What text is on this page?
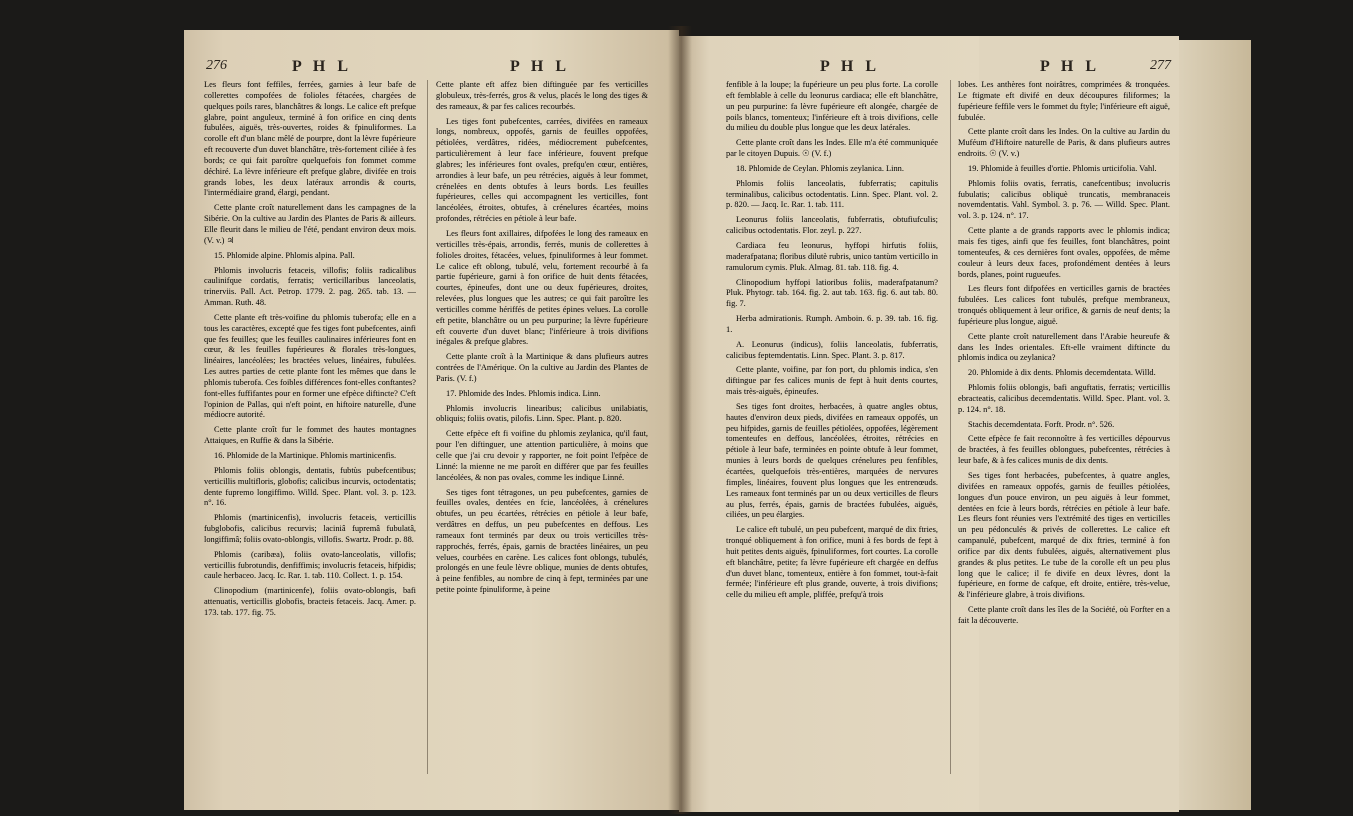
276	P H L	P H L	P H L	P H L	277

Les fleurs font feffiles, ferrées, garnies à leur bafe de collerettes compofées de folioles fétacées, chargées de quelques poils rares, blanchâtres & longs. Le calice eft prefque glabre, point anguleux, terminé à fon orifice en cinq dents fubulées, aiguës, très-ouvertes, roides & fpinuliformes. La corolle eft d'un blanc mêlé de pourpre, dont la lèvre fupérieure eft recouverte d'un duvet blanchâtre, très-fortement ciliée à fes bords; ce qui fait paroître quelquefois fon fommet comme déchiré. La lèvre inférieure eft prefque glabre, divifée en trois grands lobes, les deux latéraux arrondis & courts, l'intermédiaire grand, élargi, pendant.

Cette plante croît naturellement dans les campagnes de la Sibérie. On la cultive au Jardin des Plantes de Paris & ailleurs. Elle fleurit dans le milieu de l'été, pendant environ deux mois. (V. v.) ♃

15. Phlomide alpine. Phlomis alpina. Pall.

Phlomis involucris fetaceis, villofis; foliis radicalibus caulinifque cordatis, ferratis; verticillaribus lanceolatis, trinerviis. Pall. Act. Petrop. 1779. 2. pag. 265. tab. 13. — Amman. Ruth. 48.

Cette plante eft très-voifine du phlomis tuberofa; elle en a tous les caractères, excepté que fes tiges font pubefcentes, ainfi que fes feuilles; que les feuilles caulinaires inférieures font en cœur, & les feuilles fupérieures & florales très-longues, linéaires, lancéolées; les bractées velues, linéaires, fubulées. Les autres parties de cette plante font les mêmes que dans le phlomis tuberofa. Ces foibles différences font-elles conftantes? font-elles fuffifantes pour en former une efpèce diftincte? C'eft l'opinion de Pallas, qui n'eft point, en hiftoire naturelle, d'une médiocre autorité.

Cette plante croît fur le fommet des hautes montagnes Attaiques, en Ruffie & dans la Sibérie.

16. Phlomide de la Martinique. Phlomis martinicenfis.

Phlomis foliis oblongis, dentatis, fubtùs pubefcentibus; verticillis multifloris, globofis; calicibus incurvis, octodentatis; dente fupremo longiffimo. Willd. Spec. Plant. vol. 3. p. 123. n°. 16.

Phlomis (martinicenfis), involucris fetaceis, verticillis fubglobofis, calicibus recurvis; laciniâ fupremâ fubulatâ, longiffimâ; foliis ovato-oblongis, villofis. Swartz. Prodr. p. 88.

Phlomis (caribæa), foliis ovato-lanceolatis, villofis; verticillis fubrotundis, denfiffimis; involucris fetaceis, hifpidis; caule herbaceo. Jacq. Ic. Rar. 1. tab. 110. Collect. 1. p. 154.

Clinopodium (martinicenfe), foliis ovato-oblongis, bafi attenuatis, verticillis globofis, bracteis fetaceis. Jacq. Amer. p. 173. tab. 177. fig. 75.

Cette plante eft affez bien diftinguée par fes verticilles globuleux, très-ferrés, gros & velus, placés le long des tiges & des rameaux, & par fes calices recourbés.

Les tiges font pubefcentes, carrées, divifées en rameaux longs, nombreux, oppofés, garnis de feuilles oppofées, pétiolées, verdâtres, ridées, médiocrement pubefcentes, particulièrement à leur face inférieure, fouvent prefque glabres; les inférieures font ovales, prefqu'en cœur, entières, arrondies à leur bafe, un peu rétrécies, aiguës à leur fommet, crénelées en dents obtufes à leurs bords. Les feuilles fupérieures, celles qui accompagnent les verticilles, font lancéolées, étroites, obtufes, à crénelures écartées, moins profondes, rétrécies en pétiole à leur bafe.

Les fleurs font axillaires, difpofées le long des rameaux en verticilles très-épais, arrondis, ferrés, munis de collerettes à folioles droites, fétacées, velues, fpinuliformes à leur fommet. Le calice eft oblong, tubulé, velu, fortement recourbé à fa partie fupérieure, garni à fon orifice de huit dents fétacées, courtes, épineufes, dont une ou deux fupérieures, droites, relevées, plus longues que les autres; ce qui fait paroître les verticilles comme hériffés de petites épines velues. La corolle eft petite, blanchâtre ou un peu purpurine; la lèvre fupérieure eft couverte d'un duvet blanc; l'inférieure à trois divifions inégales & prefque glabres.

Cette plante croît à la Martinique & dans plufieurs autres contrées de l'Amérique. On la cultive au Jardin des Plantes de Paris. (V. f.)

17. Phlomide des Indes. Phlomis indica. Linn.

Phlomis involucris linearibus; calicibus unilabiatis, obliquis; foliis ovatis, pilofis. Linn. Spec. Plant. p. 820.

Cette efpèce eft fi voifine du phlomis zeylanica, qu'il faut, pour l'en diftinguer, une attention particulière, à moins que celle que j'ai cru devoir y rapporter, ne foit point l'efpèce de Linné: la mienne ne me paroît en différer que par fes feuilles lancéolées, & non pas ovales, comme les indique Linné.

Ses tiges font tétragones, un peu pubefcentes, garnies de feuilles ovales, dentées en fcie, lancéolées, à crénelures obtufes, un peu écartées, rétrécies en pétiole à leur bafe, verdâtres en deffus, un peu pubefcentes en deffous. Les rameaux font terminés par deux ou trois verticilles très-rapprochés, ferrés, épais, garnis de bractées linéaires, un peu velues, courbées en carène. Les calices font oblongs, tubulés, prolongés en une feule lèvre oblique, munies de dents obtufes, à peine fenfibles, au nombre de cinq à fept, terminées par une petite pointe fpinuliforme, à peine

fenfible à la loupe; la fupérieure un peu plus forte. La corolle eft femblable à celle du leonurus cardiaca; elle eft blanchâtre, un peu purpurine: fa lèvre fupérieure eft alongée, chargée de poils blancs, tomenteux; l'inférieure eft à trois divifions, celle du milieu du double plus longue que les deux latérales.

Cette plante croît dans les Indes. Elle m'a été communiquée par le citoyen Dupuis. ☉ (V. f.)

18. Phlomide de Ceylan. Phlomis zeylanica. Linn.

Phlomis foliis lanceolatis, fubferratis; capitulis terminalibus, calicibus octodentatis. Linn. Spec. Plant. vol. 2. p. 820. — Jacq. Ic. Rar. 1. tab. 111.

Leonurus foliis lanceolatis, fubferratis, obtufiufculis; calicibus octodentatis. Flor. zeyl. p. 227.

Cardiaca feu leonurus, hyffopi hirfutis foliis, maderafpatana; floribus dilutè rubris, unico tantùm verticillo in ramulorum cymis. Pluk. Almag. 81. tab. 118. fig. 4.

Clinopodium hyffopi latioribus foliis, maderafpatanum? Pluk. Phytogr. tab. 164. fig. 2. aut tab. 163. fig. 6. aut tab. 80. fig. 7.

Herba admirationis. Rumph. Amboin. 6. p. 39. tab. 16. fig. 1.

A. Leonurus (indicus), foliis lanceolatis, fubferratis, calicibus feptemdentatis. Linn. Spec. Plant. 3. p. 817.

Cette plante, voifine, par fon port, du phlomis indica, s'en diftingue par fes calices munis de fept à huit dents courtes, mais très-aiguës, épineufes.

Ses tiges font droites, herbacées, à quatre angles obtus, hautes d'environ deux pieds, divifées en rameaux oppofés, un peu hifpides, garnis de feuilles pétiolées, oppofées, légèrement tomenteufes en deffous, lancéolées, étroites, rétrécies en pétiole à leur bafe, terminées en pointe obtufe à leur fommet, munies à leurs bords de quelques crénelures peu fenfibles, écartées, quelquefois très-entières, marquées de nervures fimples, linéaires, fouvent plus longues que les entrenœuds. Les rameaux font terminés par un ou deux verticilles de fleurs au plus, ferrés, épais, garnis de bractées fubulées, aiguës, ciliées, un peu élargies.

Le calice eft tubulé, un peu pubefcent, marqué de dix ftries, tronqué obliquement à fon orifice, muni à fes bords de fept à huit petites dents aiguës, fpinuliformes, fort courtes. La corolle eft blanchâtre, petite; fa lèvre fupérieure eft chargée en deffus d'un duvet blanc, tomenteux, entière à fon fommet, tout-à-fait fermée; l'inférieure eft plus grande, ouverte, à trois divifions; celle du milieu eft ample, pliffée, prefqu'à trois

lobes. Les anthères font noirâtres, comprimées & tronquées. Le ftigmate eft divifé en deux découpures filiformes; la fupérieure feffile vers le fommet du ftyle; l'inférieure eft aiguë, fubulée.

Cette plante croît dans les Indes. On la cultive au Jardin du Muféum d'Hiftoire naturelle de Paris, & dans plufieurs autres endroits. ☉ (V. v.)

19. Phlomide à feuilles d'ortie. Phlomis urticifolia. Vahl.

Phlomis foliis ovatis, ferratis, canefcentibus; involucris fubulatis; calicibus obliquè truncatis, membranaceis novemdentatis. Vahl. Symbol. 3. p. 76. — Willd. Spec. Plant. vol. 3. p. 124. n°. 17.

Cette plante a de grands rapports avec le phlomis indica; mais fes tiges, ainfi que fes feuilles, font blanchâtres, point tomenteufes, & ces dernières font ovales, oppofées, de même couleur à leurs deux faces, profondément dentées à leurs bords, planes, point rugueufes.

Les fleurs font difpofées en verticilles garnis de bractées fubulées. Les calices font tubulés, prefque membraneux, tronqués obliquement à leur orifice, & garnis de neuf dents; la fupérieure plus longue, aiguë.

Cette plante croît naturellement dans l'Arabie heureufe & dans les Indes orientales. Eft-elle vraiment diftincte du phlomis indica ou zeylanica?

20. Phlomide à dix dents. Phlomis decemdentata. Willd.

Phlomis foliis oblongis, bafi anguftatis, ferratis; verticillis ebracteatis, calicibus decemdentatis. Willd. Spec. Plant. vol. 3. p. 124. n°. 18.

Stachis decemdentata. Forft. Prodr. n°. 526.

Cette efpèce fe fait reconnoître à fes verticilles dépourvus de bractées, à fes feuilles oblongues, pubefcentes, rétrécies à leur bafe, & à fes calices munis de dix dents.

Ses tiges font herbacées, pubefcentes, à quatre angles, divifées en rameaux oppofés, garnis de feuilles pétiolées, longues d'un pouce environ, un peu aiguës à leur fommet, dentées en fcie à leurs bords, rétrécies en pétiole à leur bafe. Les fleurs font réunies vers l'extrémité des tiges en verticilles un peu pédonculés & privés de collerettes. Le calice eft campanulé, pubefcent, marqué de dix ftries, terminé à fon orifice par dix dents fubulées, aiguës, alternativement plus grandes & plus petites. Le tube de la corolle eft un peu plus long que le calice; il fe divife en deux lèvres, dont la fupérieure, en forme de cafque, eft droite, entière, très-velue, & l'inférieure glabre, à trois divifions.

Cette plante croît dans les îles de la Société, où Forfter en a fait la découverte.
